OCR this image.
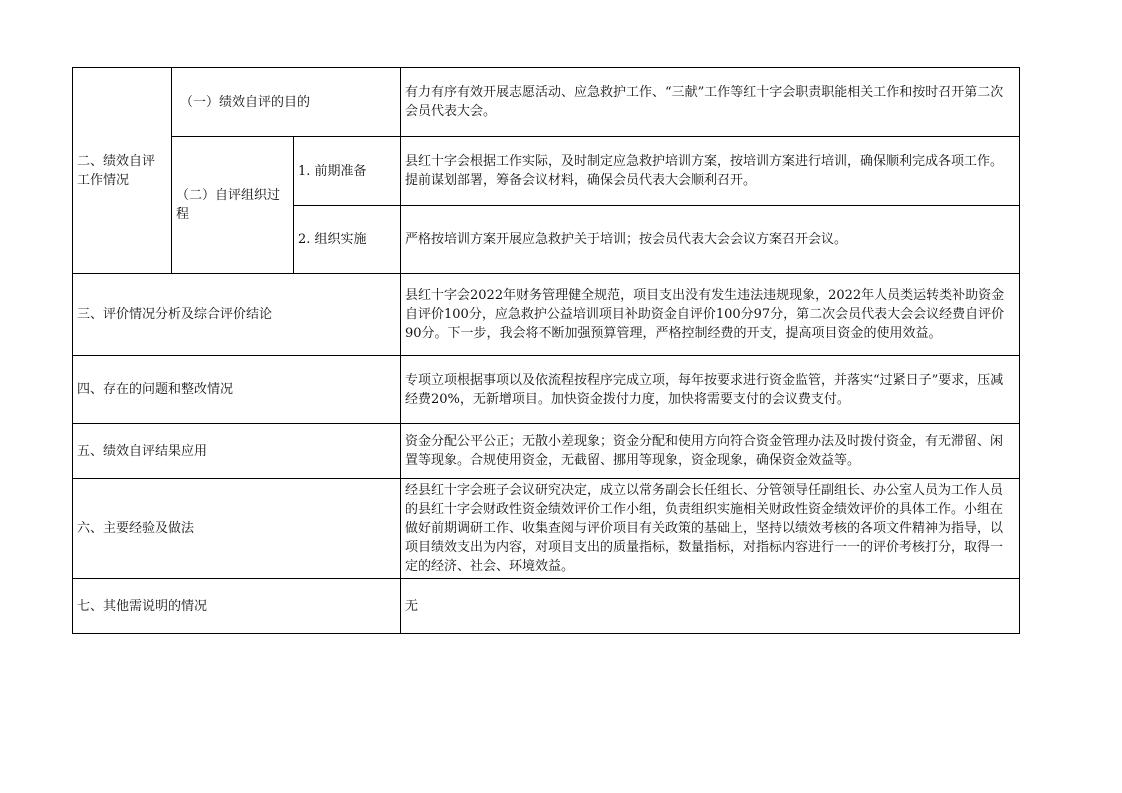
二、绩效自评工作情况	（一）绩效自评的目的		有力有序有效开展志愿活动、应急救护工作、“三献”工作等红十字会职责职能相关工作和按时召开第二次会员代表大会。
	（二）自评组织过程	1. 前期准备	县红十字会根据工作实际，及时制定应急救护培训方案，按培训方案进行培训，确保顺利完成各项工作。提前谋划部署，筹备会议材料，确保会员代表大会顺利召开。
		2. 组织实施	严格按培训方案开展应急救护关于培训；按会员代表大会会议方案召开会议。
三、评价情况分析及综合评价结论			县红十字会2022年财务管理健全规范，项目支出没有发生违法违规现象，2022年人员类运转类补助资金自评价100分，应急救护公益培训项目补助资金自评价100分97分，第二次会员代表大会会议经费自评价90分。下一步，我会将不断加强预算管理，严格控制经费的开支，提高项目资金的使用效益。
四、存在的问题和整改情况			专项立项根据事项以及依流程按程序完成立项，每年按要求进行资金监管，并落实“过紧日子”要求，压减经费20%，无新增项目。加快资金拨付力度，加快将需要支付的会议费支付。
五、绩效自评结果应用			资金分配公平公正；无散小差现象；资金分配和使用方向符合资金管理办法及时拨付资金，有无滞留、闲置等现象。合规使用资金，无截留、挪用等现象，资金现象，确保资金效益等。
六、主要经验及做法			经县红十字会班子会议研究决定，成立以常务副会长任组长、分管领导任副组长、办公室人员为工作人员的县红十字会财政性资金绩效评价工作小组，负责组织实施相关财政性资金绩效评价的具体工作。小组在做好前期调研工作、收集查阅与评价项目有关政策的基础上，坚持以绩效考核的各项文件精神为指导，以项目绩效支出为内容，对项目支出的质量指标，数量指标，对指标内容进行一一的评价考核打分，取得一定的经济、社会、环境效益。
七、其他需说明的情况			无
